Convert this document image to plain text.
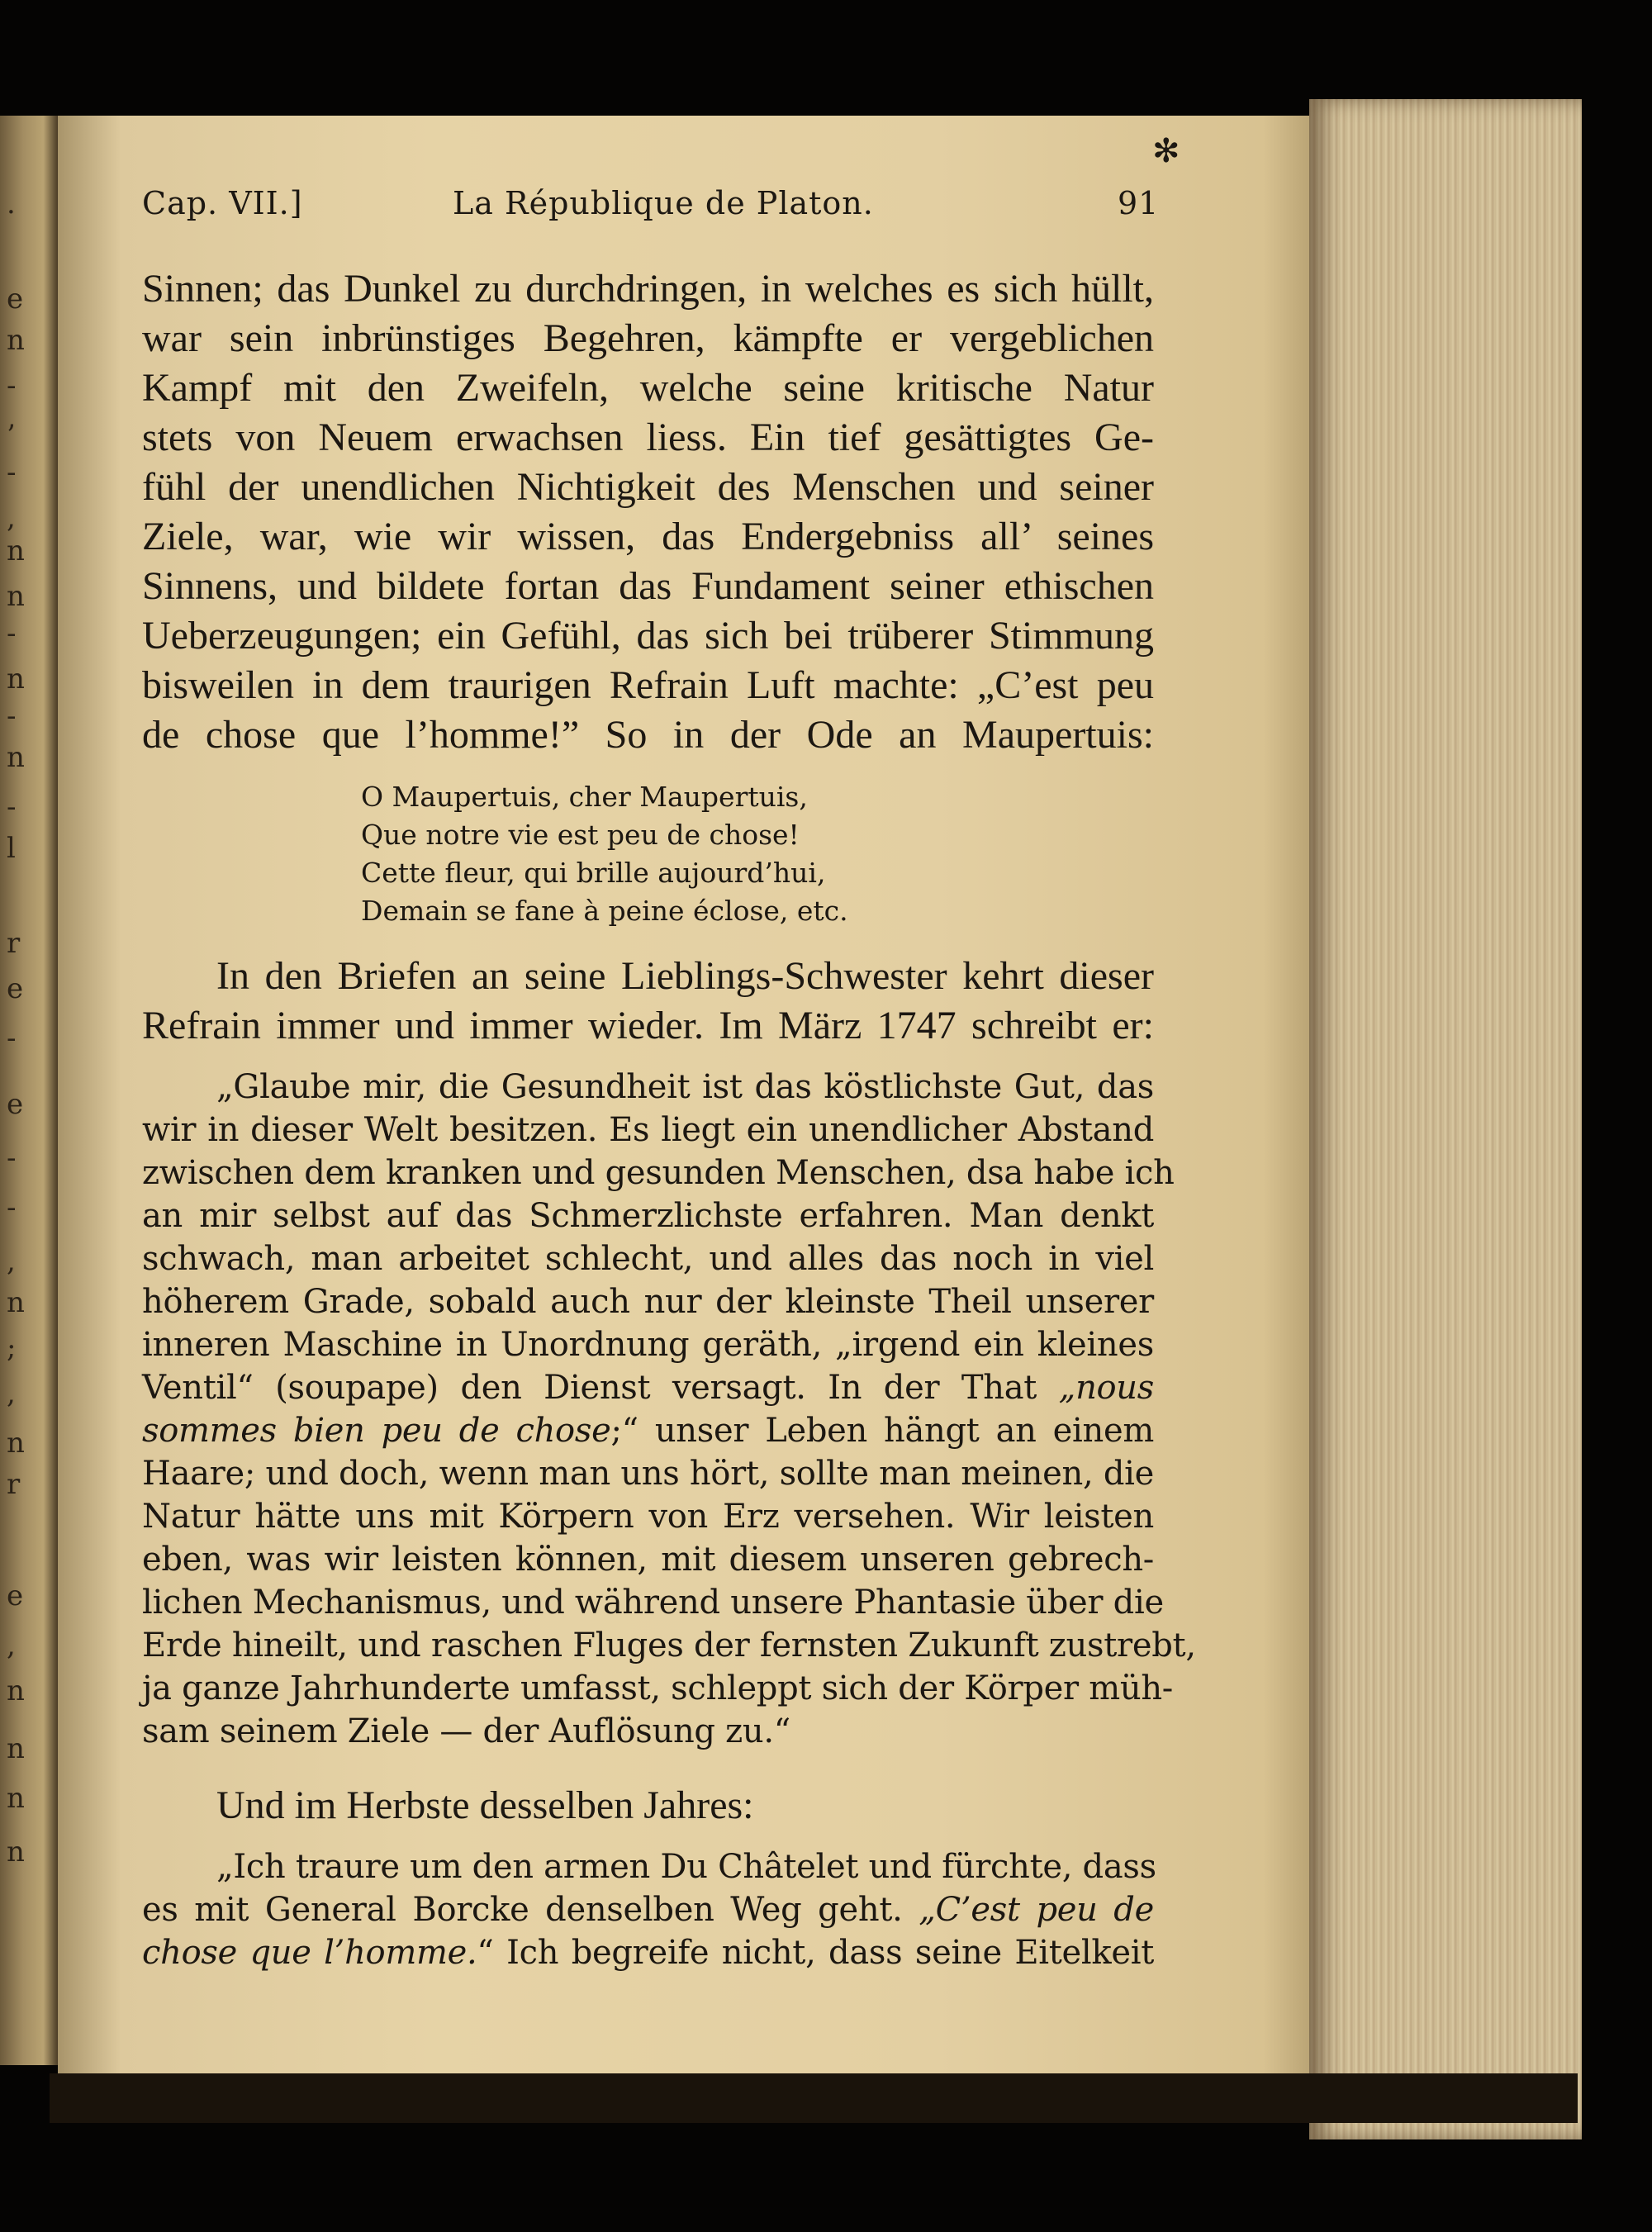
·
e
n
-
’
-
,
n
n
-
n
-
n
-
l
r
e
-
e
-
-
,
n
;
,
n
r
e
,
n
n
n
n
✻
Cap. VII.]	La République de Platon.	91
Sinnen; das Dunkel zu durchdringen, in welches es sich hüllt,
war sein inbrünstiges Begehren, kämpfte er vergeblichen
Kampf mit den Zweifeln, welche seine kritische Natur
stets von Neuem erwachsen liess. Ein tief gesättigtes Ge-
fühl der unendlichen Nichtigkeit des Menschen und seiner
Ziele, war, wie wir wissen, das Endergebniss all’ seines
Sinnens, und bildete fortan das Fundament seiner ethischen
Ueberzeugungen; ein Gefühl, das sich bei trüberer Stimmung
bisweilen in dem traurigen Refrain Luft machte: „C’est peu
de chose que l’homme!” So in der Ode an Maupertuis:
O Maupertuis, cher Maupertuis,
Que notre vie est peu de chose!
Cette fleur, qui brille aujourd’hui,
Demain se fane à peine éclose, etc.
In den Briefen an seine Lieblings-Schwester kehrt dieser
Refrain immer und immer wieder. Im März 1747 schreibt er:
„Glaube mir, die Gesundheit ist das köstlichste Gut, das
wir in dieser Welt besitzen. Es liegt ein unendlicher Abstand
zwischen dem kranken und gesunden Menschen, dsa habe ich
an mir selbst auf das Schmerzlichste erfahren. Man denkt
schwach, man arbeitet schlecht, und alles das noch in viel
höherem Grade, sobald auch nur der kleinste Theil unserer
inneren Maschine in Unordnung geräth, „irgend ein kleines
Ventil“ (soupape) den Dienst versagt. In der That „nous
sommes bien peu de chose;“ unser Leben hängt an einem
Haare; und doch, wenn man uns hört, sollte man meinen, die
Natur hätte uns mit Körpern von Erz versehen. Wir leisten
eben, was wir leisten können, mit diesem unseren gebrech-
lichen Mechanismus, und während unsere Phantasie über die
Erde hineilt, und raschen Fluges der fernsten Zukunft zustrebt,
ja ganze Jahrhunderte umfasst, schleppt sich der Körper müh-
sam seinem Ziele — der Auflösung zu.“
Und im Herbste desselben Jahres:
„Ich traure um den armen Du Châtelet und fürchte, dass
es mit General Borcke denselben Weg geht. „C’est peu de
chose que l’homme.“ Ich begreife nicht, dass seine Eitelkeit
